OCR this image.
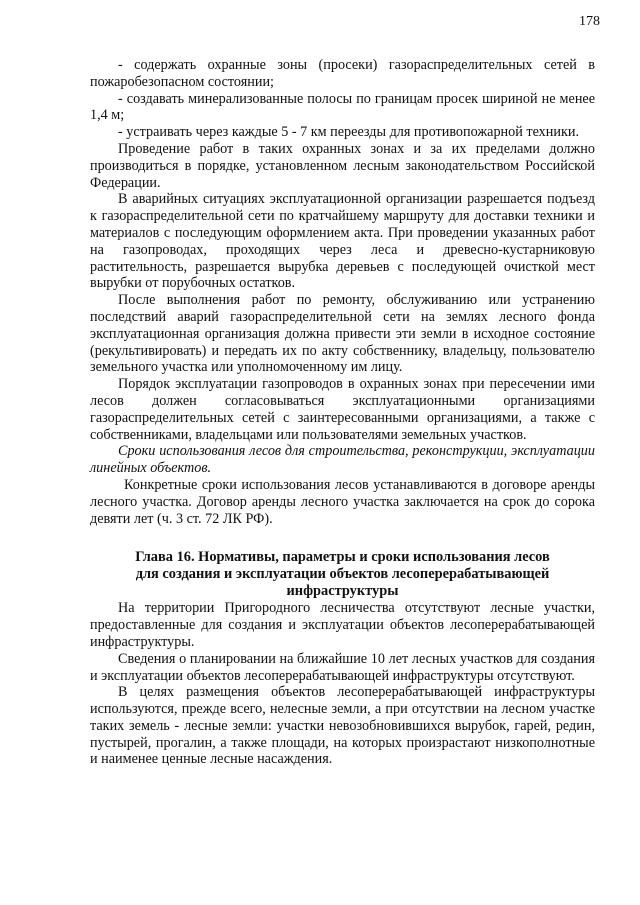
178

- содержать охранные зоны (просеки) газораспределительных сетей в пожаробезопасном состоянии;

- создавать минерализованные полосы по границам просек шириной не менее 1,4 м;

- устраивать через каждые 5 - 7 км переезды для противопожарной техники.

Проведение работ в таких охранных зонах и за их пределами должно производиться в порядке, установленном лесным законодательством Российской Федерации.

В аварийных ситуациях эксплуатационной организации разрешается подъезд к газораспределительной сети по кратчайшему маршруту для доставки техники и материалов с последующим оформлением акта. При проведении указанных работ на газопроводах, проходящих через леса и древесно-кустарниковую растительность, разрешается вырубка деревьев с последующей очисткой мест вырубки от порубочных остатков.

После выполнения работ по ремонту, обслуживанию или устранению последствий аварий газораспределительной сети на землях лесного фонда эксплуатационная организация должна привести эти земли в исходное состояние (рекультивировать) и передать их по акту собственнику, владельцу, пользователю земельного участка или уполномоченному им лицу.

Порядок эксплуатации газопроводов в охранных зонах при пересечении ими лесов должен согласовываться эксплуатационными организациями газораспределительных сетей с заинтересованными организациями, а также с собственниками, владельцами или пользователями земельных участков.

Сроки использования лесов для строительства, реконструкции, эксплуатации линейных объектов.

Конкретные сроки использования лесов устанавливаются в договоре аренды лесного участка. Договор аренды лесного участка заключается на срок до сорока девяти лет (ч. 3 ст. 72 ЛК РФ).

Глава 16. Нормативы, параметры и сроки использования лесов
для создания и эксплуатации объектов лесоперерабатывающей
инфраструктуры

На территории Пригородного лесничества отсутствуют лесные участки, предоставленные для создания и эксплуатации объектов лесоперерабатывающей инфраструктуры.

Сведения о планировании на ближайшие 10 лет лесных участков для создания и эксплуатации объектов лесоперерабатывающей инфраструктуры отсутствуют.

В целях размещения объектов лесоперерабатывающей инфраструктуры используются, прежде всего, нелесные земли, а при отсутствии на лесном участке таких земель - лесные земли: участки невозобновившихся вырубок, гарей, редин, пустырей, прогалин, а также площади, на которых произрастают низкополнотные и наименее ценные лесные насаждения.
